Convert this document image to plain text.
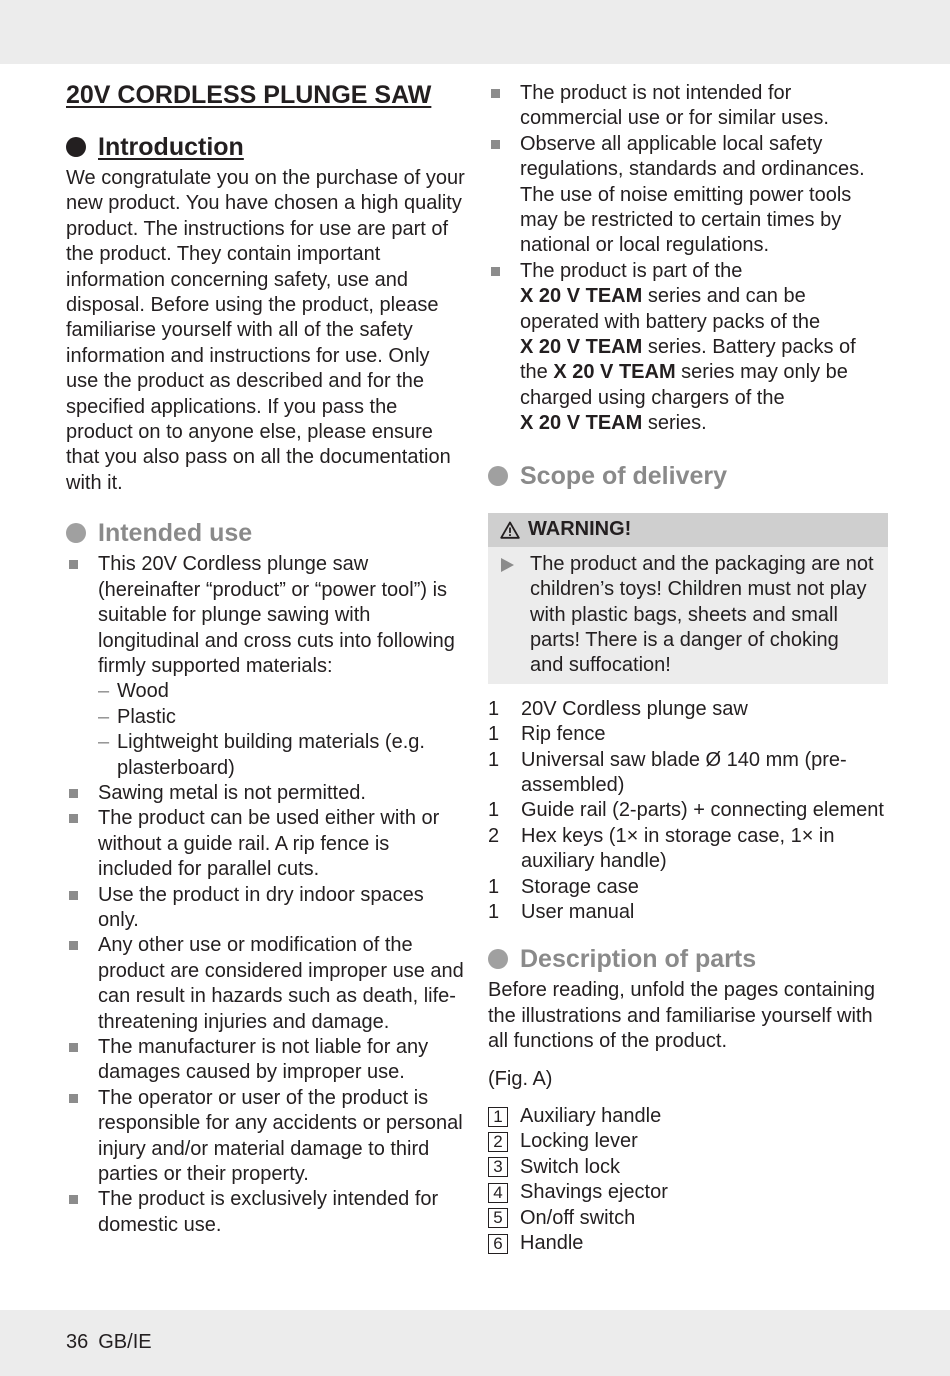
20V CORDLESS PLUNGE SAW
Introduction

We congratulate you on the purchase of your new product. You have chosen a high quality product. The instructions for use are part of the product. They contain important information concerning safety, use and disposal. Before using the product, please familiarise yourself with all of the safety information and instructions for use. Only use the product as described and for the specified applications. If you pass the product on to anyone else, please ensure that you also pass on all the documentation with it.

Intended use
This 20V Cordless plunge saw (hereinafter “product” or “power tool”) is suitable for plunge sawing with longitudinal and cross cuts into following firmly supported materials:
– Wood
– Plastic
– Lightweight building materials (e.g. plasterboard)
Sawing metal is not permitted.
The product can be used either with or without a guide rail. A rip fence is included for parallel cuts.
Use the product in dry indoor spaces only.
Any other use or modification of the product are considered improper use and can result in hazards such as death, life-threatening injuries and damage.
The manufacturer is not liable for any damages caused by improper use.
The operator or user of the product is responsible for any accidents or personal injury and/or material damage to third parties or their property.
The product is exclusively intended for domestic use.
The product is not intended for commercial use or for similar uses.
Observe all applicable local safety regulations, standards and ordinances. The use of noise emitting power tools may be restricted to certain times by national or local regulations.
The product is part of the
X 20 V TEAM series and can be operated with battery packs of the
X 20 V TEAM series. Battery packs of the X 20 V TEAM series may only be charged using chargers of the
X 20 V TEAM series.
Scope of delivery
WARNING!
The product and the packaging are not children’s toys! Children must not play with plastic bags, sheets and small parts! There is a danger of choking and suffocation!
1 20V Cordless plunge saw
1 Rip fence
1 Universal saw blade Ø 140 mm (pre-assembled)
1 Guide rail (2-parts) + connecting element
2 Hex keys (1× in storage case, 1× in auxiliary handle)
1 Storage case
1 User manual
Description of parts

Before reading, unfold the pages containing the illustrations and familiarise yourself with all functions of the product.

(Fig. A)

1 Auxiliary handle
2 Locking lever
3 Switch lock
4 Shavings ejector
5 On/off switch
6 Handle
36 GB/IE
